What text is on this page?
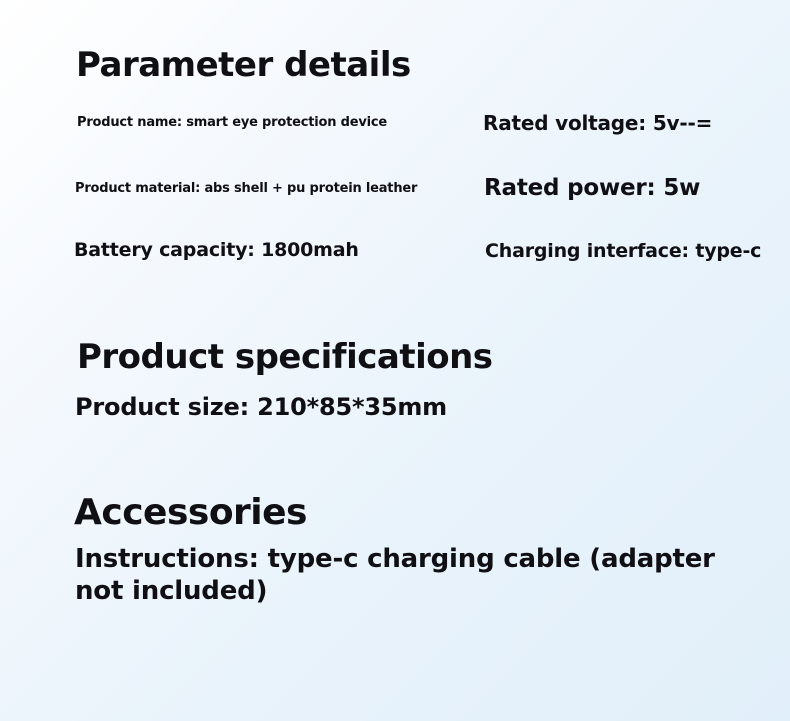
Parameter details
Product name: smart eye protection device	Rated voltage: 5v--=
Product material: abs shell + pu protein leather	Rated power: 5w
Battery capacity: 1800mah	Charging interface: type-c
Product specifications
Product size: 210*85*35mm
Accessories
Instructions: type-c charging cable (adapter not included)
